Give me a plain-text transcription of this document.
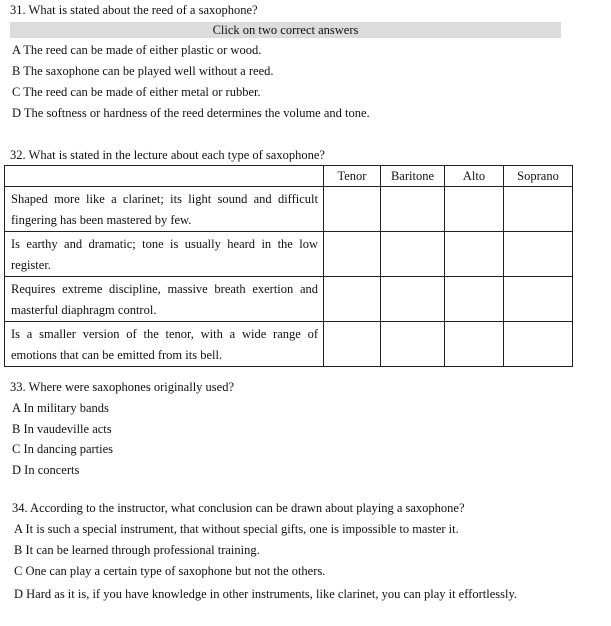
31. What is stated about the reed of a saxophone?
Click on two correct answers
A The reed can be made of either plastic or wood.
B The saxophone can be played well without a reed.
C The reed can be made of either metal or rubber.
D The softness or hardness of the reed determines the volume and tone.
32. What is stated in the lecture about each type of saxophone?
	Tenor	Baritone	Alto	Soprano
Shaped more like a clarinet; its light sound and difficult fingering has been mastered by few.				
Is earthy and dramatic; tone is usually heard in the low register.				
Requires extreme discipline, massive breath exertion and masterful diaphragm control.				
Is a smaller version of the tenor, with a wide range of emotions that can be emitted from its bell.				
33. Where were saxophones originally used?
A In military bands
B In vaudeville acts
C In dancing parties
D In concerts
34. According to the instructor, what conclusion can be drawn about playing a saxophone?
A It is such a special instrument, that without special gifts, one is impossible to master it.
B It can be learned through professional training.
C One can play a certain type of saxophone but not the others.
D Hard as it is, if you have knowledge in other instruments, like clarinet, you can play it effortlessly.
